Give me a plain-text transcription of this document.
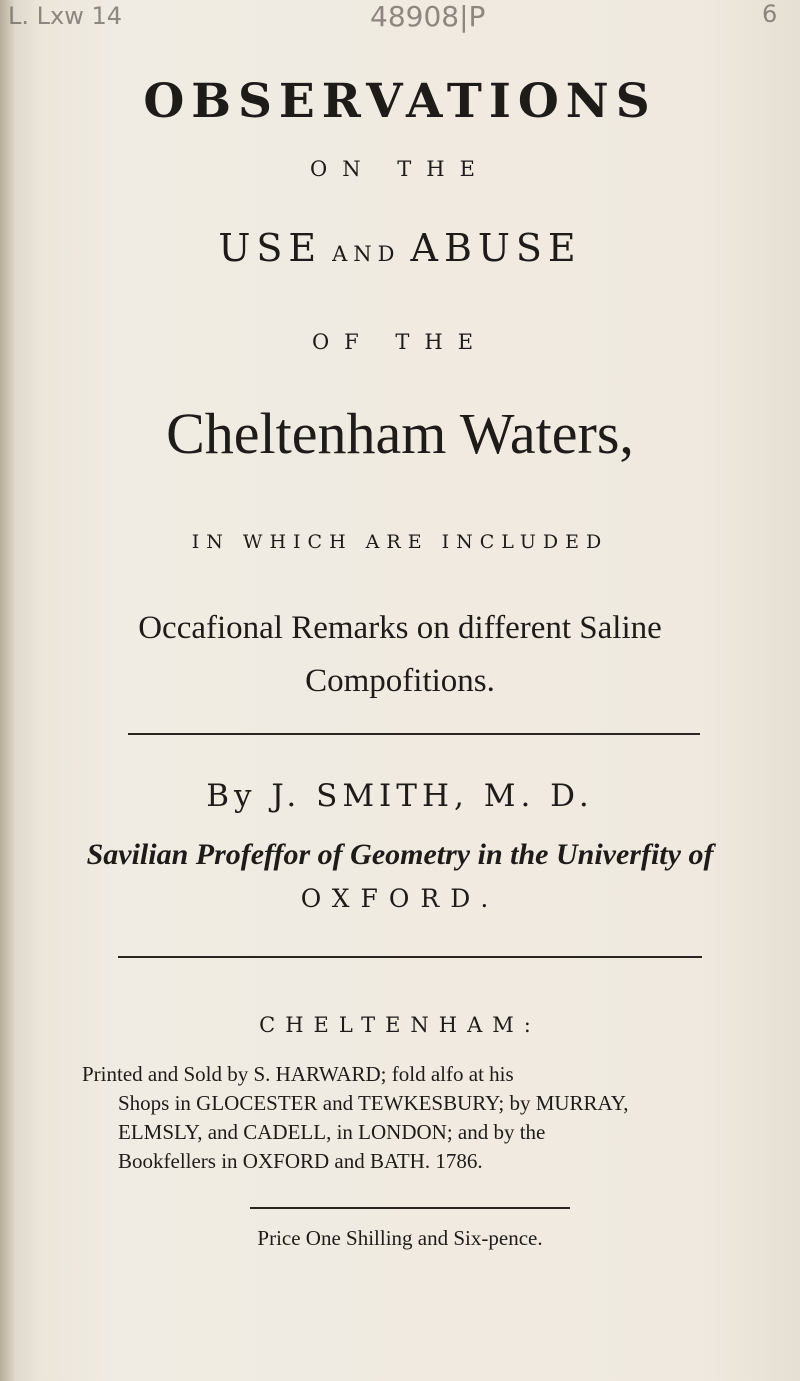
L. Lxw 14	48908|P	6
OBSERVATIONS
ON THE
USE AND ABUSE
OF THE
Cheltenham Waters,
IN WHICH ARE INCLUDED
Occafional Remarks on different Saline
Compofitions.
By J. SMITH, M. D.
Savilian Profeffor of Geometry in the Univerfity of
OXFORD.
CHELTENHAM:
Printed and Sold by S. HARWARD; fold alfo at his
Shops in GLOCESTER and TEWKESBURY; by MURRAY,
ELMSLY, and CADELL, in LONDON; and by the
Bookfellers in OXFORD and BATH. 1786.
Price One Shilling and Six-pence.
